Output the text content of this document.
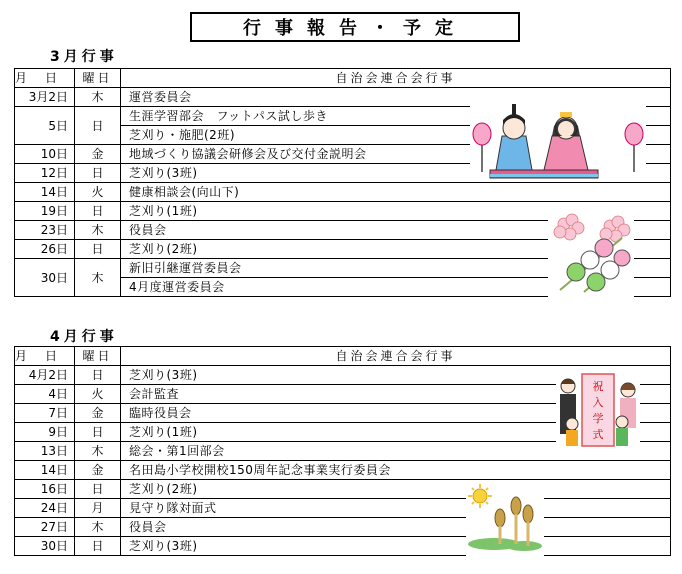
行事報告・予定
3月行事
月　日	曜日	自治会連合会行事
3月2日	木	運営委員会
5日	日	生涯学習部会　フットパス試し歩き
		芝刈り・施肥(2班)
10日	金	地域づくり協議会研修会及び交付金説明会
12日	日	芝刈り(3班)
14日	火	健康相談会(向山下)
19日	日	芝刈り(1班)
23日	木	役員会
26日	日	芝刈り(2班)
30日	木	新旧引継運営委員会
		4月度運営委員会
4月行事
月　日	曜日	自治会連合会行事
4月2日	日	芝刈り(3班)
4日	火	会計監査
7日	金	臨時役員会
9日	日	芝刈り(1班)
13日	木	総会・第1回部会
14日	金	名田島小学校開校150周年記念事業実行委員会
16日	日	芝刈り(2班)
24日	月	見守り隊対面式
27日	木	役員会
30日	日	芝刈り(3班)
祝
入
学
式
